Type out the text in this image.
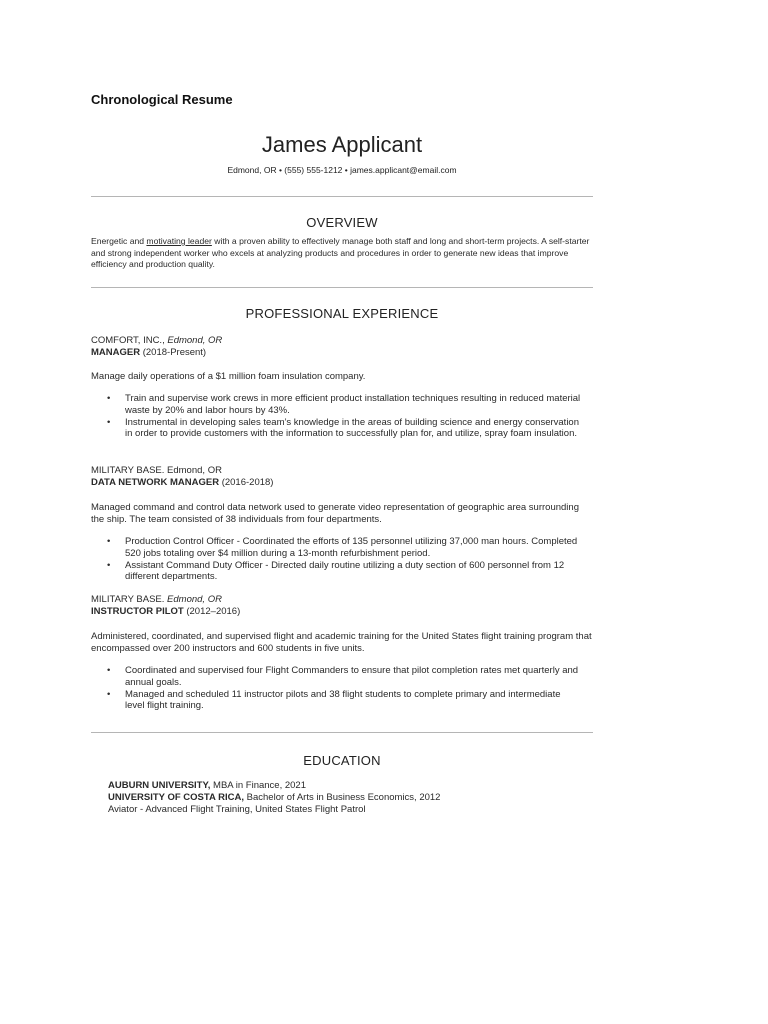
Chronological Resume
James Applicant
Edmond, OR • (555) 555-1212 • james.applicant@email.com
OVERVIEW

Energetic and motivating leader with a proven ability to effectively manage both staff and long and short-term projects. A self-starter and strong independent worker who excels at analyzing products and procedures in order to generate new ideas that improve efficiency and production quality.

PROFESSIONAL EXPERIENCE
COMFORT, INC., Edmond, OR
MANAGER (2018-Present)
Manage daily operations of a $1 million foam insulation company.
• Train and supervise work crews in more efficient product installation techniques resulting in reduced material waste by 20% and labor hours by 43%.
• Instrumental in developing sales team’s knowledge in the areas of building science and energy conservation in order to provide customers with the information to successfully plan for, and utilize, spray foam insulation.
MILITARY BASE. Edmond, OR
DATA NETWORK MANAGER (2016-2018)

Managed command and control data network used to generate video representation of geographic area surrounding the ship. The team consisted of 38 individuals from four departments.

• Production Control Officer - Coordinated the efforts of 135 personnel utilizing 37,000 man hours. Completed 520 jobs totaling over $4 million during a 13-month refurbishment period.
• Assistant Command Duty Officer - Directed daily routine utilizing a duty section of 600 personnel from 12 different departments.
MILITARY BASE. Edmond, OR
INSTRUCTOR PILOT (2012–2016)

Administered, coordinated, and supervised flight and academic training for the United States flight training program that encompassed over 200 instructors and 600 students in five units.

• Coordinated and supervised four Flight Commanders to ensure that pilot completion rates met quarterly and annual goals.
• Managed and scheduled 11 instructor pilots and 38 flight students to complete primary and intermediate level flight training.
EDUCATION
AUBURN UNIVERSITY, MBA in Finance, 2021
UNIVERSITY OF COSTA RICA, Bachelor of Arts in Business Economics, 2012
Aviator - Advanced Flight Training, United States Flight Patrol
